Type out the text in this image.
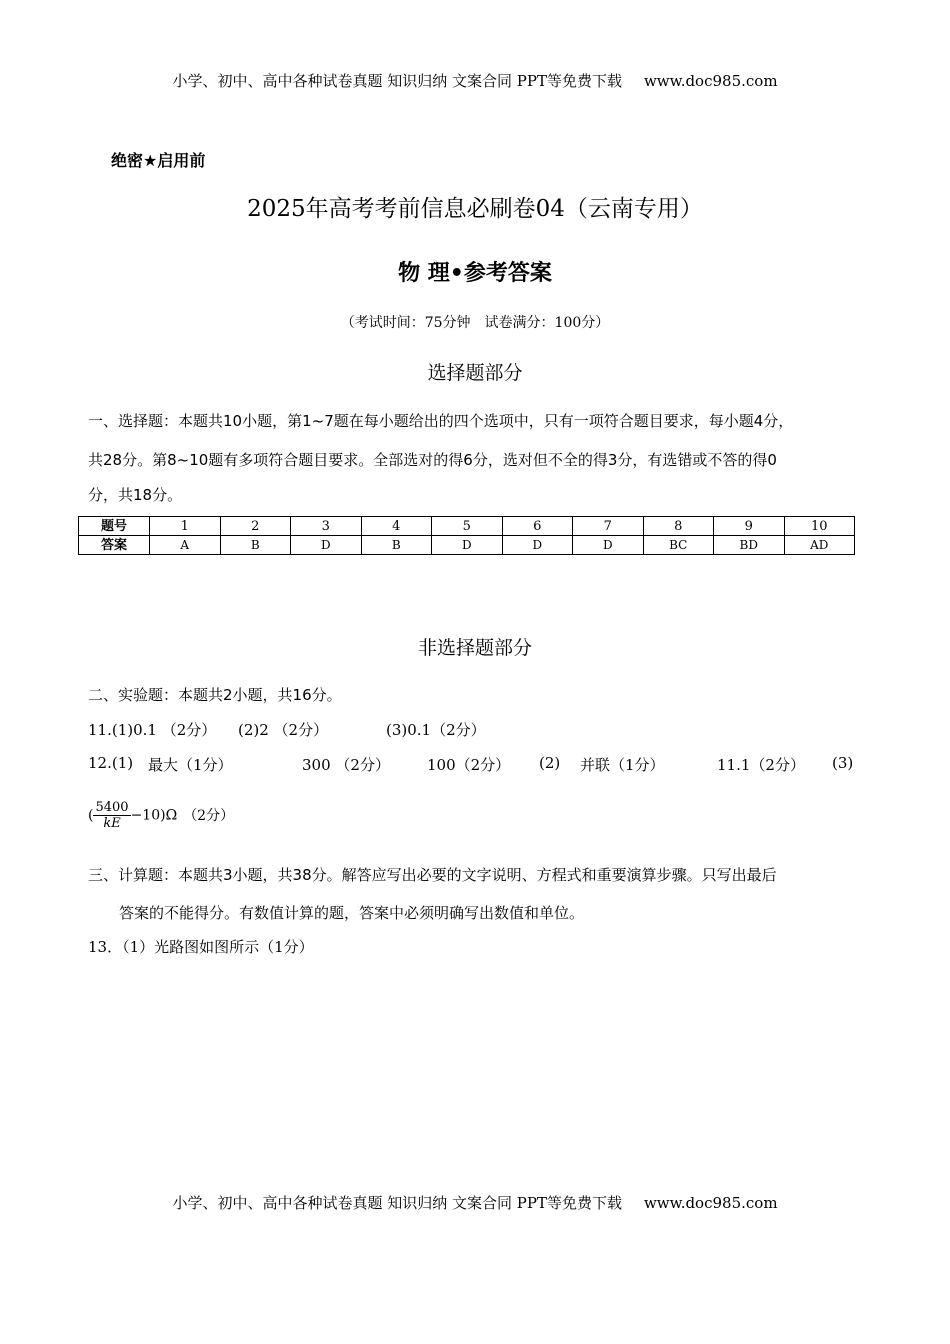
小学、初中、高中各种试卷真题 知识归纳 文案合同 PPT等免费下载 www.doc985.com
绝密★启用前
2025年高考考前信息必刷卷04（云南专用）
物 理•参考答案
（考试时间：75分钟　试卷满分：100分）
选择题部分
一、选择题：本题共10小题，第1~7题在每小题给出的四个选项中，只有一项符合题目要求，每小题4分，
共28分。第8~10题有多项符合题目要求。全部选对的得6分，选对但不全的得3分，有选错或不答的得0
分，共18分。
题号	1	2	3	4	5	6	7	8	9	10
答案	A	B	D	B	D	D	D	BC	BD	AD
非选择题部分
二、实验题：本题共2小题，共16分。
11.(1)0.1 （2分） (2)2 （2分）	(3)0.1（2分）
12.(1) 最大（1分）	300 （2分） 100（2分） (2) 并联（1分）	11.1（2分） (3)
( $\frac{5400}{kE} -10)\Omega$ （2分）
三、计算题：本题共3小题，共38分。解答应写出必要的文字说明、方程式和重要演算步骤。只写出最后
答案的不能得分。有数值计算的题，答案中必须明确写出数值和单位。
13．（1）光路图如图所示（1分）
小学、初中、高中各种试卷真题 知识归纳 文案合同 PPT等免费下载 www.doc985.com
